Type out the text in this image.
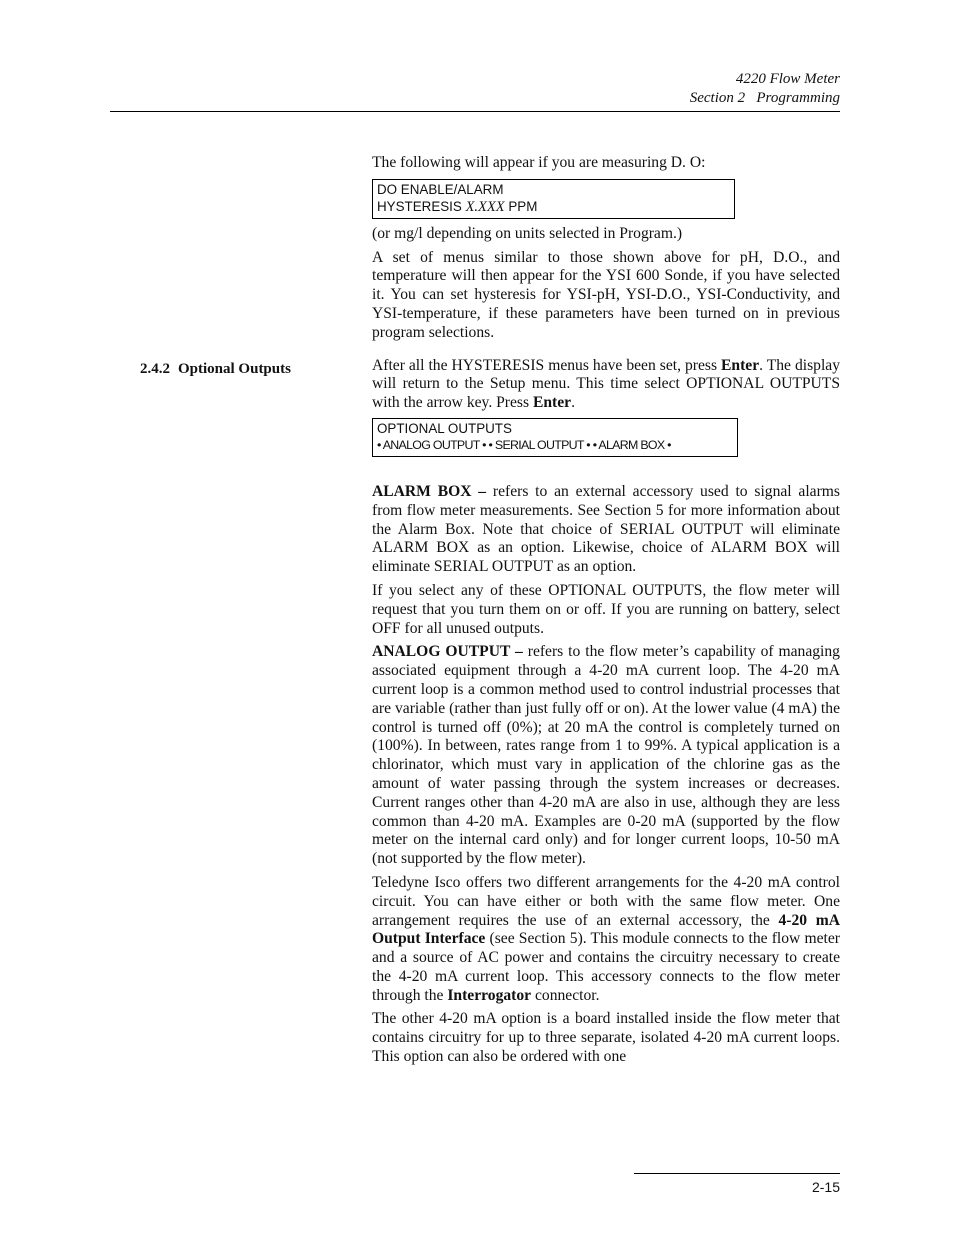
4220 Flow Meter
Section 2   Programming
2.4.2 Optional Outputs

The following will appear if you are measuring D. O:

DO ENABLE/ALARM
HYSTERESIS X.XXX PPM

(or mg/l depending on units selected in Program.)

A set of menus similar to those shown above for pH, D.O., and temperature will then appear for the YSI 600 Sonde, if you have selected it. You can set hysteresis for YSI-pH, YSI-D.O., YSI-Conductivity, and YSI-temperature, if these parameters have been turned on in previous program selections.

After all the HYSTERESIS menus have been set, press Enter. The display will return to the Setup menu. This time select OPTIONAL OUTPUTS with the arrow key. Press Enter.

OPTIONAL OUTPUTS
• ANALOG OUTPUT • • SERIAL OUTPUT • • ALARM BOX •

ALARM BOX – refers to an external accessory used to signal alarms from flow meter measurements. See Section 5 for more information about the Alarm Box. Note that choice of SERIAL OUTPUT will eliminate ALARM BOX as an option. Likewise, choice of ALARM BOX will eliminate SERIAL OUTPUT as an option.

If you select any of these OPTIONAL OUTPUTS, the flow meter will request that you turn them on or off. If you are running on battery, select OFF for all unused outputs.

ANALOG OUTPUT – refers to the flow meter’s capability of managing associated equipment through a 4-20 mA current loop. The 4-20 mA current loop is a common method used to control industrial processes that are variable (rather than just fully off or on). At the lower value (4 mA) the control is turned off (0%); at 20 mA the control is completely turned on (100%). In between, rates range from 1 to 99%. A typical application is a chlorinator, which must vary in application of the chlorine gas as the amount of water passing through the system increases or decreases. Current ranges other than 4-20 mA are also in use, although they are less common than 4-20 mA. Examples are 0-20 mA (supported by the flow meter on the internal card only) and for longer current loops, 10-50 mA (not supported by the flow meter).

Teledyne Isco offers two different arrangements for the 4-20 mA control circuit. You can have either or both with the same flow meter. One arrangement requires the use of an external accessory, the 4-20 mA Output Interface (see Section 5). This module connects to the flow meter and a source of AC power and contains the circuitry necessary to create the 4-20 mA current loop. This accessory connects to the flow meter through the Interrogator connector.

The other 4-20 mA option is a board installed inside the flow meter that contains circuitry for up to three separate, isolated 4-20 mA current loops. This option can also be ordered with one

2-15
